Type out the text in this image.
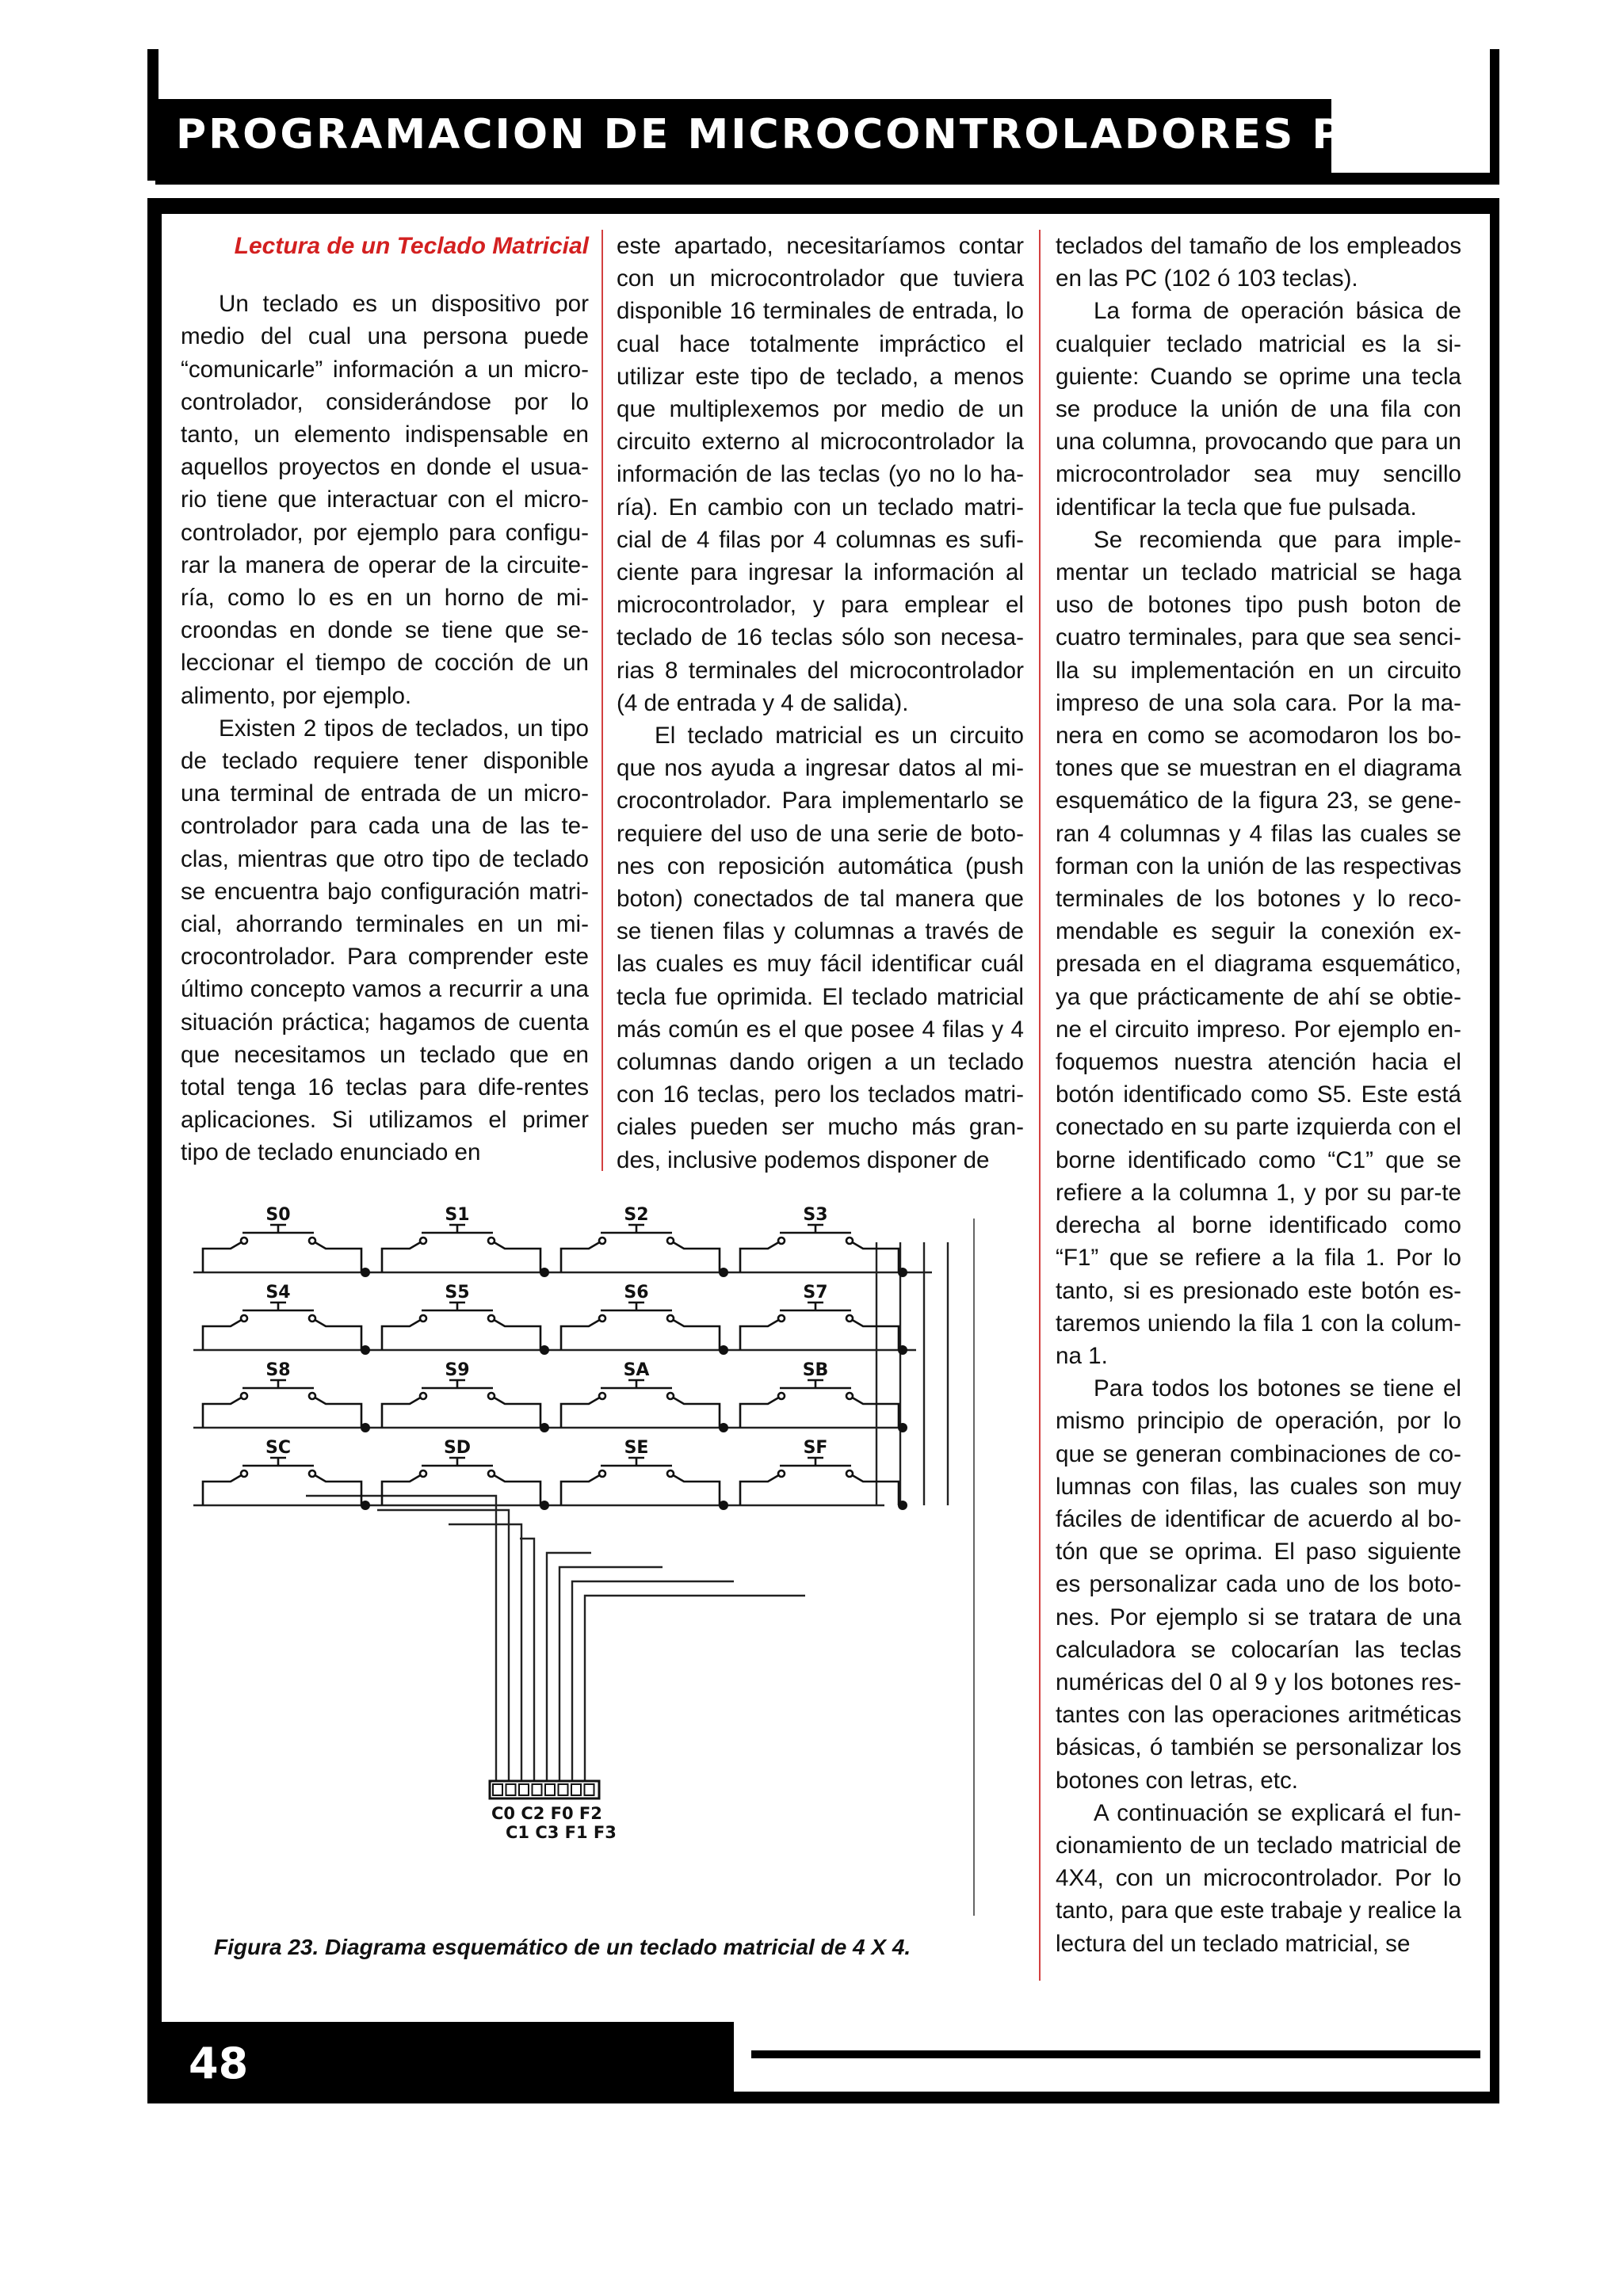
PROGRAMACION DE MICROCONTROLADORES PIC

Lectura de un Teclado Matricial

Un teclado es un dispositivo por medio del cual una persona puede “comunicarle” información a un micro-controlador, considerándose por lo tanto, un elemento indispensable en aquellos proyectos en donde el usua-rio tiene que interactuar con el micro-controlador, por ejemplo para configu-rar la manera de operar de la circuite-ría, como lo es en un horno de mi-croondas en donde se tiene que se-leccionar el tiempo de cocción de un alimento, por ejemplo.

Existen 2 tipos de teclados, un tipo de teclado requiere tener disponible una terminal de entrada de un micro-controlador para cada una de las te-clas, mientras que otro tipo de teclado se encuentra bajo configuración matri-cial, ahorrando terminales en un mi-crocontrolador. Para comprender este último concepto vamos a recurrir a una situación práctica; hagamos de cuenta que necesitamos un teclado que en total tenga 16 teclas para dife-rentes aplicaciones. Si utilizamos el primer tipo de teclado enunciado en

este apartado, necesitaríamos contar con un microcontrolador que tuviera disponible 16 terminales de entrada, lo cual hace totalmente impráctico el utilizar este tipo de teclado, a menos que multiplexemos por medio de un circuito externo al microcontrolador la información de las teclas (yo no lo ha-ría). En cambio con un teclado matri-cial de 4 filas por 4 columnas es sufi-ciente para ingresar la información al microcontrolador, y para emplear el teclado de 16 teclas sólo son necesa-rias 8 terminales del microcontrolador (4 de entrada y 4 de salida).

El teclado matricial es un circuito que nos ayuda a ingresar datos al mi-crocontrolador. Para implementarlo se requiere del uso de una serie de boto-nes con reposición automática (push boton) conectados de tal manera que se tienen filas y columnas a través de las cuales es muy fácil identificar cuál tecla fue oprimida. El teclado matricial más común es el que posee 4 filas y 4 columnas dando origen a un teclado con 16 teclas, pero los teclados matri-ciales pueden ser mucho más gran-des, inclusive podemos disponer de

teclados del tamaño de los empleados en las PC (102 ó 103 teclas).

La forma de operación básica de cualquier teclado matricial es la si-guiente: Cuando se oprime una tecla se produce la unión de una fila con una columna, provocando que para un microcontrolador sea muy sencillo identificar la tecla que fue pulsada.

Se recomienda que para imple-mentar un teclado matricial se haga uso de botones tipo push boton de cuatro terminales, para que sea senci-lla su implementación en un circuito impreso de una sola cara. Por la ma-nera en como se acomodaron los bo-tones que se muestran en el diagrama esquemático de la figura 23, se gene-ran 4 columnas y 4 filas las cuales se forman con la unión de las respectivas terminales de los botones y lo reco-mendable es seguir la conexión ex-presada en el diagrama esquemático, ya que prácticamente de ahí se obtie-ne el circuito impreso. Por ejemplo en-foquemos nuestra atención hacia el botón identificado como S5. Este está conectado en su parte izquierda con el borne identificado como “C1” que se refiere a la columna 1, y por su par-te derecha al borne identificado como “F1” que se refiere a la fila 1. Por lo tanto, si es presionado este botón es-taremos uniendo la fila 1 con la colum-na 1.

Para todos los botones se tiene el mismo principio de operación, por lo que se generan combinaciones de co-lumnas con filas, las cuales son muy fáciles de identificar de acuerdo al bo-tón que se oprima. El paso siguiente es personalizar cada uno de los boto-nes. Por ejemplo si se tratara de una calculadora se colocarían las teclas numéricas del 0 al 9 y los botones res-tantes con las operaciones aritméticas básicas, ó también se personalizar los botones con letras, etc.

A continuación se explicará el fun-cionamiento de un teclado matricial de 4X4, con un microcontrolador. Por lo tanto, para que este trabaje y realice la lectura del un teclado matricial, se

S0	S1	S2	S3
S4	S5	S6	S7
S8	S9	SA	SB
SC	SD	SE	SF
C0 C2 F0 F2
C1 C3 F1 F3
Figura 23. Diagrama esquemático de un teclado matricial de 4 X 4.
48
